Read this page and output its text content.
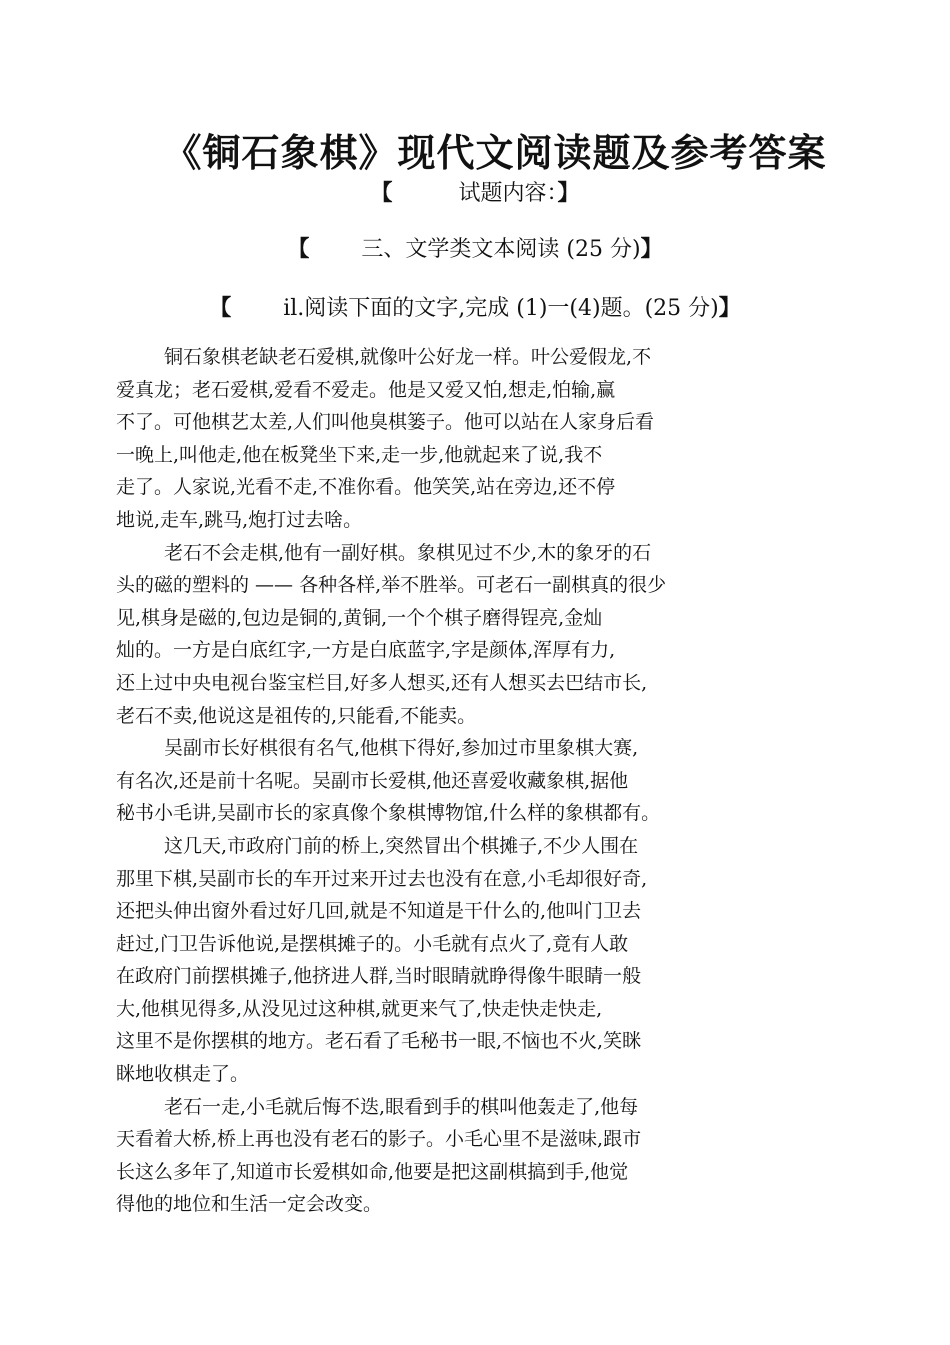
《铜石象棋》现代文阅读题及参考答案
【	试题内容：】
【 三、文学类文本阅读 (25 分)】
【 il.阅读下面的文字,完成 (1)一(4)题。(25 分)】
铜石象棋老缺老石爱棋,就像叶公好龙一样。叶公爱假龙,不
爱真龙；老石爱棋,爱看不爱走。他是又爱又怕,想走,怕输,赢
不了。可他棋艺太差,人们叫他臭棋篓子。他可以站在人家身后看
一晚上,叫他走,他在板凳坐下来,走一步,他就起来了说,我不
走了。人家说,光看不走,不准你看。他笑笑,站在旁边,还不停
地说,走车,跳马,炮打过去啥。
老石不会走棋,他有一副好棋。象棋见过不少,木的象牙的石
头的磁的塑料的 —— 各种各样,举不胜举。可老石一副棋真的很少
见,棋身是磁的,包边是铜的,黄铜,一个个棋子磨得锃亮,金灿
灿的。一方是白底红字,一方是白底蓝字,字是颜体,浑厚有力,
还上过中央电视台鉴宝栏目,好多人想买,还有人想买去巴结市长,
老石不卖,他说这是祖传的,只能看,不能卖。
吴副市长好棋很有名气,他棋下得好,参加过市里象棋大赛,
有名次,还是前十名呢。吴副市长爱棋,他还喜爱收藏象棋,据他
秘书小毛讲,吴副市长的家真像个象棋博物馆,什么样的象棋都有。
这几天,市政府门前的桥上,突然冒出个棋摊子,不少人围在
那里下棋,吴副市长的车开过来开过去也没有在意,小毛却很好奇,
还把头伸出窗外看过好几回,就是不知道是干什么的,他叫门卫去
赶过,门卫告诉他说,是摆棋摊子的。小毛就有点火了,竟有人敢
在政府门前摆棋摊子,他挤进人群,当时眼睛就睁得像牛眼睛一般
大,他棋见得多,从没见过这种棋,就更来气了,快走快走快走,
这里不是你摆棋的地方。老石看了毛秘书一眼,不恼也不火,笑眯
眯地收棋走了。
老石一走,小毛就后悔不迭,眼看到手的棋叫他轰走了,他每
天看着大桥,桥上再也没有老石的影子。小毛心里不是滋味,跟市
长这么多年了,知道市长爱棋如命,他要是把这副棋搞到手,他觉
得他的地位和生活一定会改变。
